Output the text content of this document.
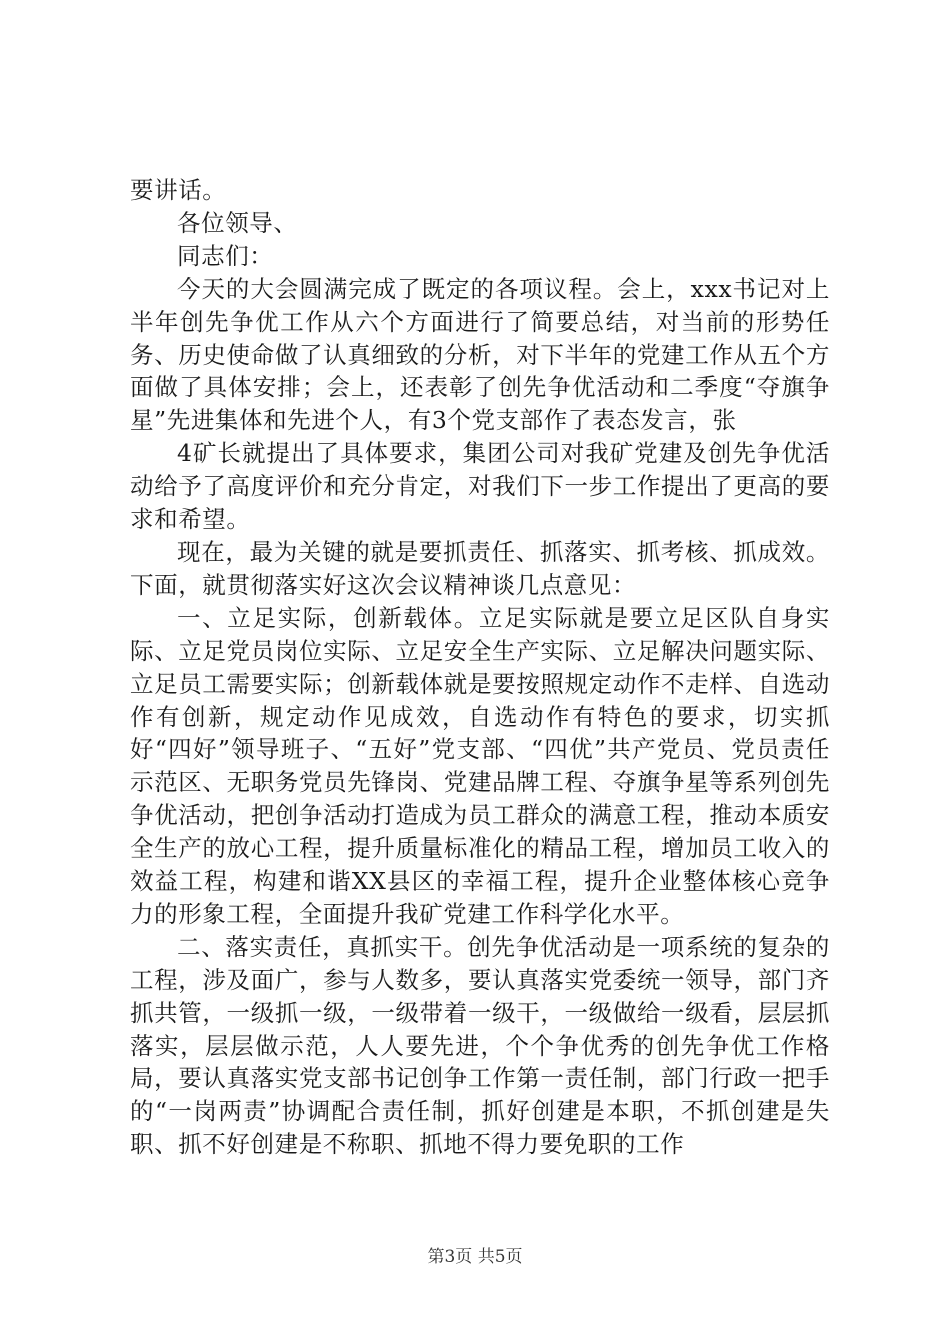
要讲话。

各位领导、

同志们：

今天的大会圆满完成了既定的各项议程。会上，xxx书记对上半年创先争优工作从六个方面进行了简要总结，对当前的形势任务、历史使命做了认真细致的分析，对下半年的党建工作从五个方面做了具体安排；会上，还表彰了创先争优活动和二季度“夺旗争星”先进集体和先进个人，有3个党支部作了表态发言，张

4矿长就提出了具体要求，集团公司对我矿党建及创先争优活动给予了高度评价和充分肯定，对我们下一步工作提出了更高的要求和希望。

现在，最为关键的就是要抓责任、抓落实、抓考核、抓成效。下面，就贯彻落实好这次会议精神谈几点意见：

一、立足实际，创新载体。立足实际就是要立足区队自身实际、立足党员岗位实际、立足安全生产实际、立足解决问题实际、立足员工需要实际；创新载体就是要按照规定动作不走样、自选动作有创新，规定动作见成效，自选动作有特色的要求，切实抓好“四好”领导班子、“五好”党支部、“四优”共产党员、党员责任示范区、无职务党员先锋岗、党建品牌工程、夺旗争星等系列创先争优活动，把创争活动打造成为员工群众的满意工程，推动本质安全生产的放心工程，提升质量标准化的精品工程，增加员工收入的效益工程，构建和谐XX县区的幸福工程，提升企业整体核心竞争力的形象工程，全面提升我矿党建工作科学化水平。

二、落实责任，真抓实干。创先争优活动是一项系统的复杂的工程，涉及面广，参与人数多，要认真落实党委统一领导，部门齐抓共管，一级抓一级，一级带着一级干，一级做给一级看，层层抓落实，层层做示范，人人要先进，个个争优秀的创先争优工作格局，要认真落实党支部书记创争工作第一责任制，部门行政一把手的“一岗两责”协调配合责任制，抓好创建是本职，不抓创建是失职、抓不好创建是不称职、抓地不得力要免职的工作

第3页 共5页
